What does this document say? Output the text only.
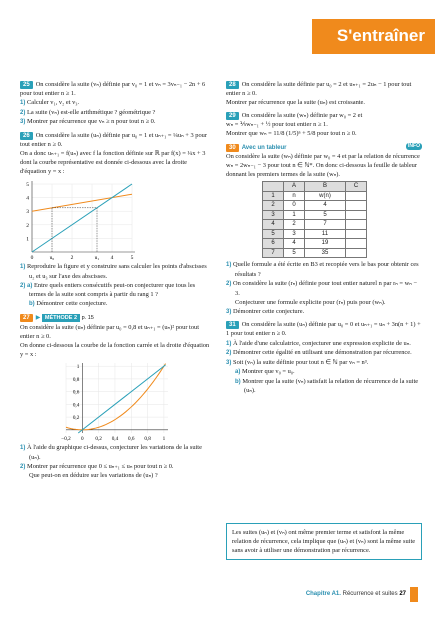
S'entraîner
25 On considère la suite (vₙ) définie par v₀ = 1 et vₙ = 3vₙ₋₁ − 2n + 6 pour tout entier n ≥ 1.
1) Calculer v₁, v₂ et v₃.
2) La suite (vₙ) est-elle arithmétique ? géométrique ?
3) Montrer par récurrence que vₙ ≥ n pour tout n ≥ 0.
26 On considère la suite (uₙ) définie par u₀ = 1 et uₙ₊₁ = ¼uₙ + 3 pour tout entier n ≥ 0.
On a donc uₙ₊₁ = f(uₙ) avec f la fonction définie sur ℝ par f(x) = ¼x + 3 dont la courbe représentative est donnée ci-dessous avec la droite d'équation y = x :
0	u₀	2	u₁ 4	5
1
2
3
4
5
1) Reproduire la figure et y construire sans calculer les points d'abscisses u₂ et u₃ sur l'axe des abscisses.
2) a) Entre quels entiers consécutifs peut-on conjecturer que tous les termes de la suite sont compris à partir du rang 1 ?
b) Démontrer cette conjecture.
27 ▶ MÉTHODE 2 p. 15
On considère la suite (uₙ) définie par u₀ = 0,8 et uₙ₊₁ = (uₙ)² pour tout entier n ≥ 0.
On donne ci-dessous la courbe de la fonction carrée et la droite d'équation y = x :
−0,2 0 0,2 0,4 0,6 0,8 1
0,2
0,4
0,6
0,8
1
1) À l'aide du graphique ci-dessus, conjecturer les variations de la suite (uₙ).
2) Montrer par récurrence que 0 ≤ uₙ₊₁ ≤ uₙ pour tout n ≥ 0.
Que peut-on en déduire sur les variations de (uₙ) ?
28 On considère la suite définie par u₀ = 2 et uₙ₊₁ = 2uₙ − 1 pour tout entier n ≥ 0.
Montrer par récurrence que la suite (uₙ) est croissante.
29 On considère la suite (wₙ) définie par w₀ = 2 et
wₙ = ⅕wₙ₋₁ + ½ pour tout entier n ≥ 1.
Montrer que wₙ = 11/8 (1/5)ⁿ + 5/8 pour tout n ≥ 0.
30 Avec un tableur	INFO
On considère la suite (wₙ) définie par w₀ = 4 et par la relation de récurrence wₙ = 2wₙ₋₁ − 3 pour tout n ∈ ℕ*. On donc ci-dessous la feuille de tableur donnant les premiers termes de la suite (wₙ).
	A	B	C
1	n	w(n)	
2	0	4	
3	1	5	
4	2	7	
5	3	11	
6	4	19	
7	5	35	
1) Quelle formule a été écrite en B3 et recopiée vers le bas pour obtenir ces résultats ?
2) On considère la suite (rₙ) définie pour tout entier naturel n par rₙ = wₙ − 3.
Conjecturer une formule explicite pour (rₙ) puis pour (wₙ).
3) Démontrer cette conjecture.
31 On considère la suite (uₙ) définie par u₀ = 0 et uₙ₊₁ = uₙ + 3n(n + 1) + 1 pour tout entier n ≥ 0.
1) À l'aide d'une calculatrice, conjecturer une expression explicite de uₙ.
2) Démontrer cette égalité en utilisant une démonstration par récurrence.
3) Soit (vₙ) la suite définie pour tout n ∈ ℕ par vₙ = n³.
a) Montrer que v₀ = u₀.
b) Montrer que la suite (vₙ) satisfait la relation de récurrence de la suite (uₙ).
Les suites (uₙ) et (vₙ) ont même premier terme et satisfont la même relation de récurrence, cela implique que (uₙ) et (vₙ) sont la même suite sans avoir à utiliser une démonstration par récurrence.
Chapitre A1. Récurrence et suites 27
